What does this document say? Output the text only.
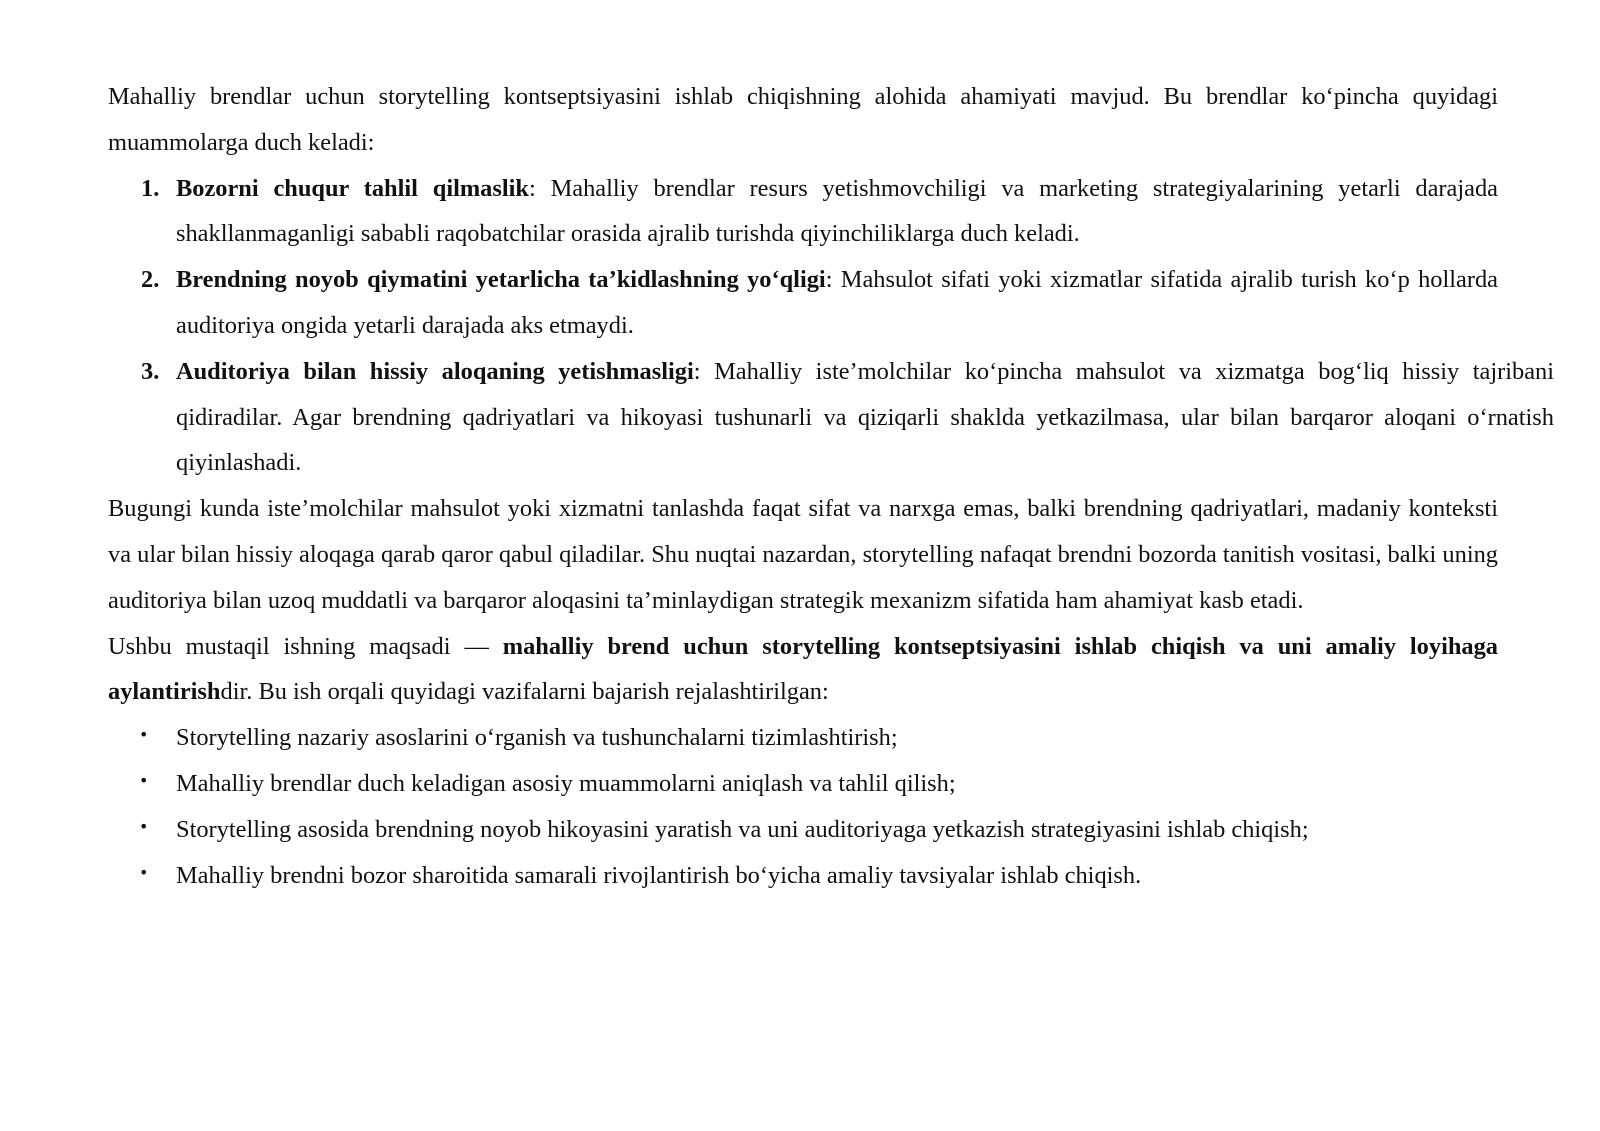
Mahalliy brendlar uchun storytelling kontseptsiyasini ishlab chiqishning alohida ahamiyati mavjud. Bu brendlar ko‘pincha quyidagi muammolarga duch keladi:

1. Bozorni chuqur tahlil qilmaslik: Mahalliy brendlar resurs yetishmovchiligi va marketing strategiyalarining yetarli darajada shakllanmaganligi sababli raqobatchilar orasida ajralib turishda qiyinchiliklarga duch keladi.
2. Brendning noyob qiymatini yetarlicha ta’kidlashning yo‘qligi: Mahsulot sifati yoki xizmatlar sifatida ajralib turish ko‘p hollarda auditoriya ongida yetarli darajada aks etmaydi.
3. Auditoriya bilan hissiy aloqaning yetishmasligi: Mahalliy iste’molchilar ko‘pincha mahsulot va xizmatga bog‘liq hissiy tajribani qidiradilar. Agar brendning qadriyatlari va hikoyasi tushunarli va qiziqarli shaklda yetkazilmasa, ular bilan barqaror aloqani o‘rnatish qiyinlashadi.

Bugungi kunda iste’molchilar mahsulot yoki xizmatni tanlashda faqat sifat va narxga emas, balki brendning qadriyatlari, madaniy konteksti va ular bilan hissiy aloqaga qarab qaror qabul qiladilar. Shu nuqtai nazardan, storytelling nafaqat brendni bozorda tanitish vositasi, balki uning auditoriya bilan uzoq muddatli va barqaror aloqasini ta’minlaydigan strategik mexanizm sifatida ham ahamiyat kasb etadi.

Ushbu mustaqil ishning maqsadi — mahalliy brend uchun storytelling kontseptsiyasini ishlab chiqish va uni amaliy loyihaga aylantirishdir. Bu ish orqali quyidagi vazifalarni bajarish rejalashtirilgan:

• Storytelling nazariy asoslarini o‘rganish va tushunchalarni tizimlashtirish;
• Mahalliy brendlar duch keladigan asosiy muammolarni aniqlash va tahlil qilish;
• Storytelling asosida brendning noyob hikoyasini yaratish va uni auditoriyaga yetkazish strategiyasini ishlab chiqish;
• Mahalliy brendni bozor sharoitida samarali rivojlantirish bo‘yicha amaliy tavsiyalar ishlab chiqish.
